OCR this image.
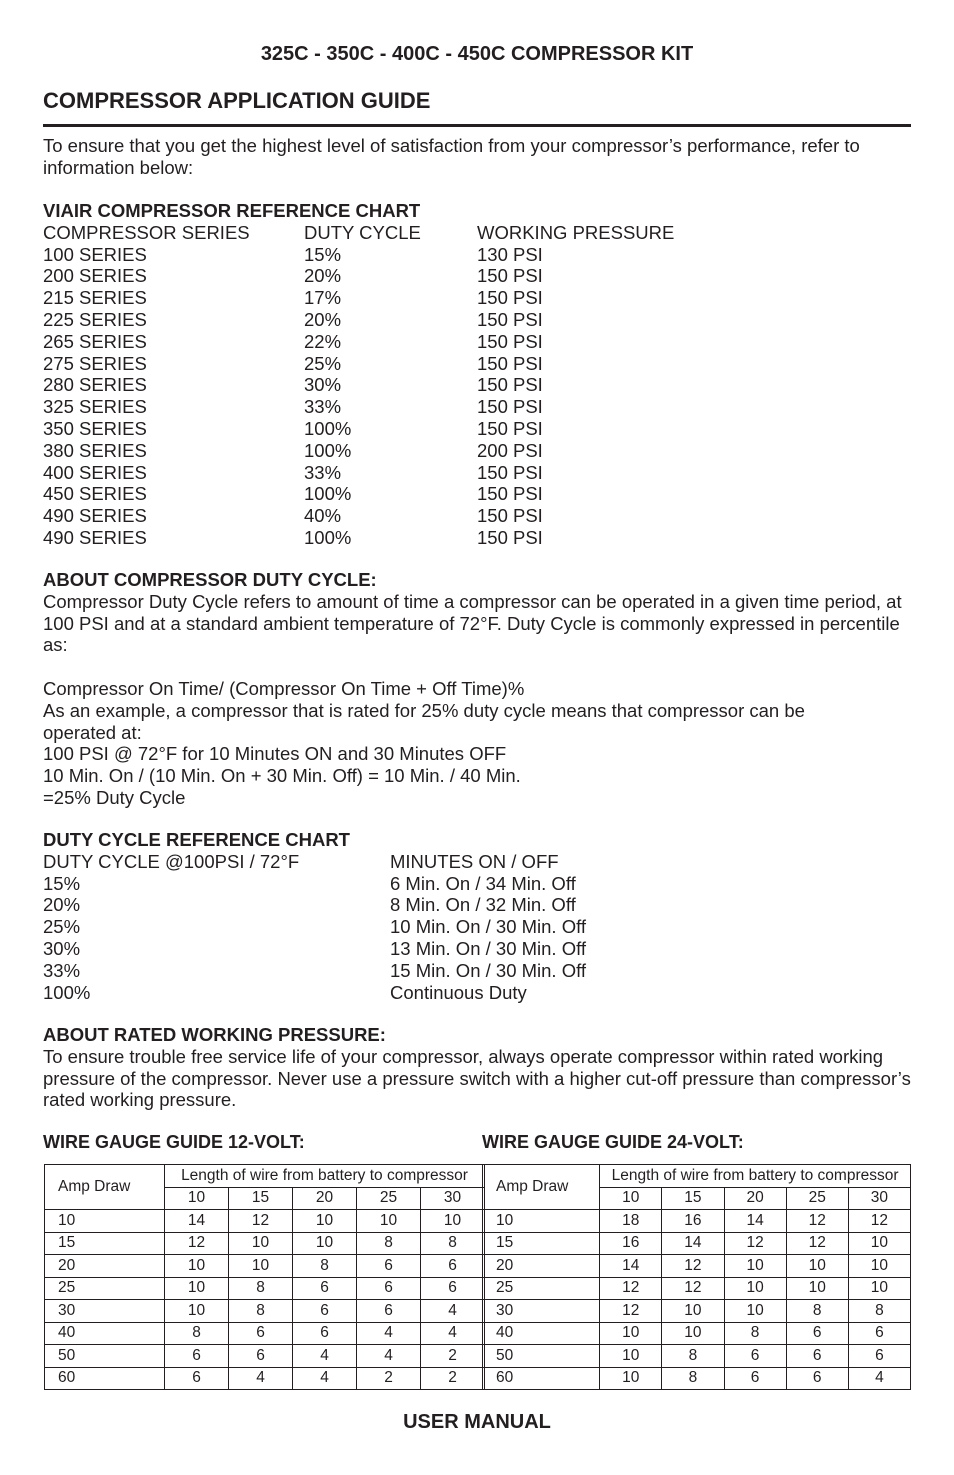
325C - 350C - 400C - 450C COMPRESSOR KIT
COMPRESSOR APPLICATION GUIDE

To ensure that you get the highest level of satisfaction from your compressor’s performance, refer to information below:

VIAIR COMPRESSOR REFERENCE CHART
COMPRESSOR SERIES	DUTY CYCLE	WORKING PRESSURE
100 SERIES	15%	130 PSI
200 SERIES	20%	150 PSI
215 SERIES	17%	150 PSI
225 SERIES	20%	150 PSI
265 SERIES	22%	150 PSI
275 SERIES	25%	150 PSI
280 SERIES	30%	150 PSI
325 SERIES	33%	150 PSI
350 SERIES	100%	150 PSI
380 SERIES	100%	200 PSI
400 SERIES	33%	150 PSI
450 SERIES	100%	150 PSI
490 SERIES	40%	150 PSI
490 SERIES	100%	150 PSI
ABOUT COMPRESSOR DUTY CYCLE:

Compressor Duty Cycle refers to amount of time a compressor can be operated in a given time period, at 100 PSI and at a standard ambient temperature of 72°F. Duty Cycle is commonly expressed in percentile as:

Compressor On Time/ (Compressor On Time + Off Time)%
As an example, a compressor that is rated for 25% duty cycle means that compressor can be
operated at:
100 PSI @ 72°F for 10 Minutes ON and 30 Minutes OFF
10 Min. On / (10 Min. On + 30 Min. Off) = 10 Min. / 40 Min.
=25% Duty Cycle
DUTY CYCLE REFERENCE CHART
DUTY CYCLE @100PSI / 72°F	MINUTES ON / OFF
15%	6 Min. On / 34 Min. Off
20%	8 Min. On / 32 Min. Off
25%	10 Min. On / 30 Min. Off
30%	13 Min. On / 30 Min. Off
33%	15 Min. On / 30 Min. Off
100%	Continuous Duty
ABOUT RATED WORKING PRESSURE:

To ensure trouble free service life of your compressor, always operate compressor within rated working pressure of the compressor. Never use a pressure switch with a higher cut-off pressure than compressor’s rated working pressure.

WIRE GAUGE GUIDE 12-VOLT:	WIRE GAUGE GUIDE 24-VOLT:
Amp Draw	Length of wire from battery to compressor				
	10	15	20	25	30
10	14	12	10	10	10
15	12	10	10	8	8
20	10	10	8	6	6
25	10	8	6	6	6
30	10	8	6	6	4
40	8	6	6	4	4
50	6	6	4	4	2
60	6	4	4	2	2
Amp Draw	Length of wire from battery to compressor				
	10	15	20	25	30
10	18	16	14	12	12
15	16	14	12	12	10
20	14	12	10	10	10
25	12	12	10	10	10
30	12	10	10	8	8
40	10	10	8	6	6
50	10	8	6	6	6
60	10	8	6	6	4
USER MANUAL
